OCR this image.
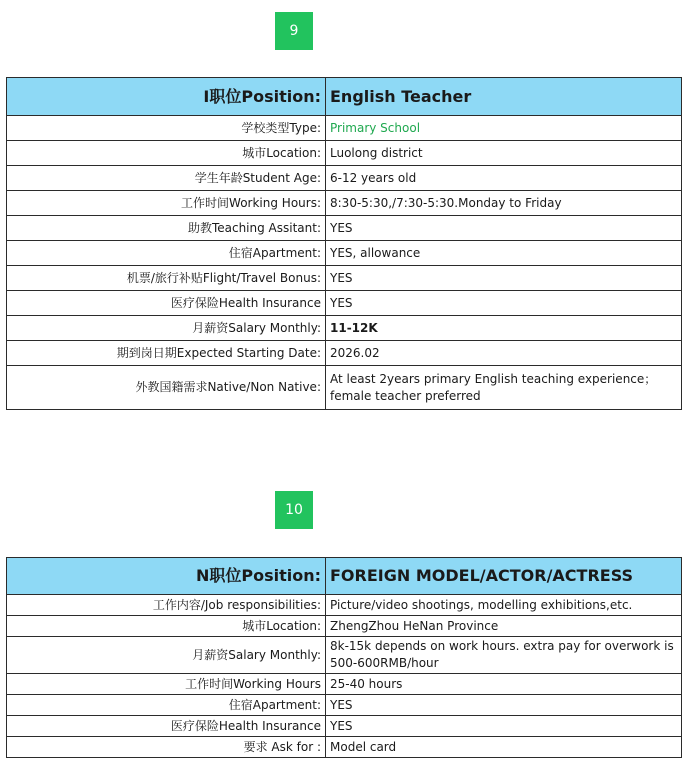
9
I职位Position:	English Teacher
学校类型Type:	Primary School
城市Location:	Luolong district
学生年龄Student Age:	6-12 years old
工作时间Working Hours:	8:30-5:30,/7:30-5:30.Monday to Friday
助教Teaching Assitant:	YES
住宿Apartment:	YES, allowance
机票/旅行补贴Flight/Travel Bonus:	YES
医疗保险Health Insurance	YES
月薪资Salary Monthly:	11-12K
期到岗日期Expected Starting Date:	2026.02
外教国籍需求Native/Non Native:	At least 2years primary English teaching experience；female teacher preferred
10
N职位Position:	FOREIGN MODEL/ACTOR/ACTRESS
工作内容/Job responsibilities:	Picture/video shootings, modelling exhibitions,etc.
城市Location:	ZhengZhou HeNan Province
月薪资Salary Monthly:	8k-15k depends on work hours. extra pay for overwork is 500-600RMB/hour
工作时间Working Hours	25-40 hours
住宿Apartment:	YES
医疗保险Health Insurance	YES
要求 Ask for :	Model card
